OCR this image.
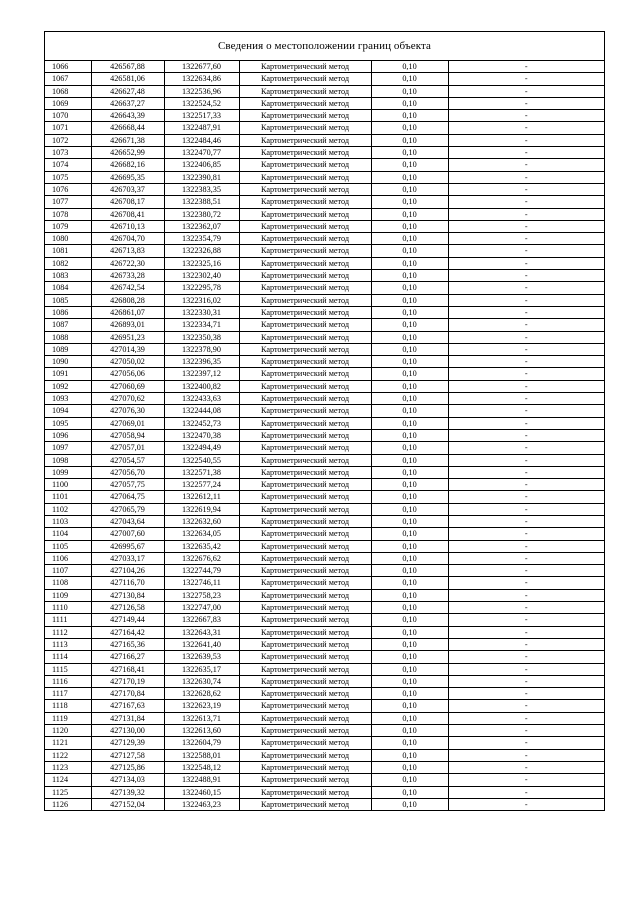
Сведения о местоположении границ объекта
1066	426567,88	1322677,60	Картометрический метод	0,10	-
1067	426581,06	1322634,86	Картометрический метод	0,10	-
1068	426627,48	1322536,96	Картометрический метод	0,10	-
1069	426637,27	1322524,52	Картометрический метод	0,10	-
1070	426643,39	1322517,33	Картометрический метод	0,10	-
1071	426668,44	1322487,91	Картометрический метод	0,10	-
1072	426671,38	1322484,46	Картометрический метод	0,10	-
1073	426652,99	1322470,77	Картометрический метод	0,10	-
1074	426682,16	1322406,85	Картометрический метод	0,10	-
1075	426695,35	1322390,81	Картометрический метод	0,10	-
1076	426703,37	1322383,35	Картометрический метод	0,10	-
1077	426708,17	1322388,51	Картометрический метод	0,10	-
1078	426708,41	1322380,72	Картометрический метод	0,10	-
1079	426710,13	1322362,07	Картометрический метод	0,10	-
1080	426704,70	1322354,79	Картометрический метод	0,10	-
1081	426713,83	1322326,88	Картометрический метод	0,10	-
1082	426722,30	1322325,16	Картометрический метод	0,10	-
1083	426733,28	1322302,40	Картометрический метод	0,10	-
1084	426742,54	1322295,78	Картометрический метод	0,10	-
1085	426808,28	1322316,02	Картометрический метод	0,10	-
1086	426861,07	1322330,31	Картометрический метод	0,10	-
1087	426893,01	1322334,71	Картометрический метод	0,10	-
1088	426951,23	1322350,38	Картометрический метод	0,10	-
1089	427014,39	1322378,90	Картометрический метод	0,10	-
1090	427050,02	1322396,35	Картометрический метод	0,10	-
1091	427056,06	1322397,12	Картометрический метод	0,10	-
1092	427060,69	1322400,82	Картометрический метод	0,10	-
1093	427070,62	1322433,63	Картометрический метод	0,10	-
1094	427076,30	1322444,08	Картометрический метод	0,10	-
1095	427069,01	1322452,73	Картометрический метод	0,10	-
1096	427058,94	1322470,38	Картометрический метод	0,10	-
1097	427057,01	1322494,49	Картометрический метод	0,10	-
1098	427054,57	1322540,55	Картометрический метод	0,10	-
1099	427056,70	1322571,38	Картометрический метод	0,10	-
1100	427057,75	1322577,24	Картометрический метод	0,10	-
1101	427064,75	1322612,11	Картометрический метод	0,10	-
1102	427065,79	1322619,94	Картометрический метод	0,10	-
1103	427043,64	1322632,60	Картометрический метод	0,10	-
1104	427007,60	1322634,05	Картометрический метод	0,10	-
1105	426995,67	1322635,42	Картометрический метод	0,10	-
1106	427033,17	1322676,62	Картометрический метод	0,10	-
1107	427104,26	1322744,79	Картометрический метод	0,10	-
1108	427116,70	1322746,11	Картометрический метод	0,10	-
1109	427130,84	1322758,23	Картометрический метод	0,10	-
1110	427126,58	1322747,00	Картометрический метод	0,10	-
1111	427149,44	1322667,83	Картометрический метод	0,10	-
1112	427164,42	1322643,31	Картометрический метод	0,10	-
1113	427165,36	1322641,40	Картометрический метод	0,10	-
1114	427166,27	1322639,53	Картометрический метод	0,10	-
1115	427168,41	1322635,17	Картометрический метод	0,10	-
1116	427170,19	1322630,74	Картометрический метод	0,10	-
1117	427170,84	1322628,62	Картометрический метод	0,10	-
1118	427167,63	1322623,19	Картометрический метод	0,10	-
1119	427131,84	1322613,71	Картометрический метод	0,10	-
1120	427130,00	1322613,60	Картометрический метод	0,10	-
1121	427129,39	1322604,79	Картометрический метод	0,10	-
1122	427127,58	1322588,01	Картометрический метод	0,10	-
1123	427125,86	1322548,12	Картометрический метод	0,10	-
1124	427134,03	1322488,91	Картометрический метод	0,10	-
1125	427139,32	1322460,15	Картометрический метод	0,10	-
1126	427152,04	1322463,23	Картометрический метод	0,10	-
